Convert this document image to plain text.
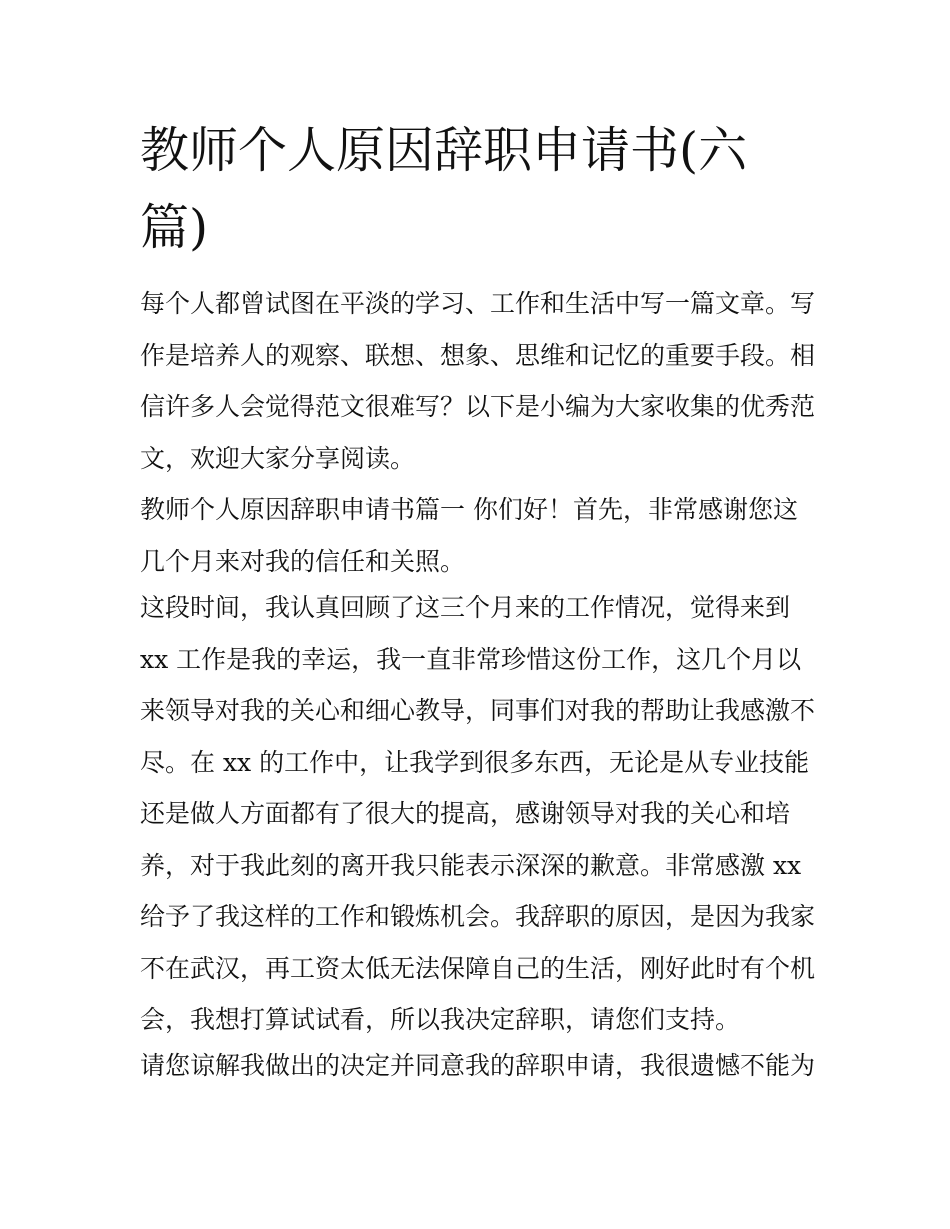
教师个人原因辞职申请书(六
篇)
每个人都曾试图在平淡的学习、工作和生活中写一篇文章。写
作是培养人的观察、联想、想象、思维和记忆的重要手段。相
信许多人会觉得范文很难写？以下是小编为大家收集的优秀范
文，欢迎大家分享阅读。
教师个人原因辞职申请书篇一 你们好！首先，非常感谢您这
几个月来对我的信任和关照。
这段时间，我认真回顾了这三个月来的工作情况，觉得来到
xx 工作是我的幸运，我一直非常珍惜这份工作，这几个月以
来领导对我的关心和细心教导，同事们对我的帮助让我感激不
尽。在 xx 的工作中，让我学到很多东西，无论是从专业技能
还是做人方面都有了很大的提高，感谢领导对我的关心和培
养，对于我此刻的离开我只能表示深深的歉意。非常感激 xx
给予了我这样的工作和锻炼机会。我辞职的原因，是因为我家
不在武汉，再工资太低无法保障自己的生活，刚好此时有个机
会，我想打算试试看，所以我决定辞职，请您们支持。
请您谅解我做出的决定并同意我的辞职申请，我很遗憾不能为
